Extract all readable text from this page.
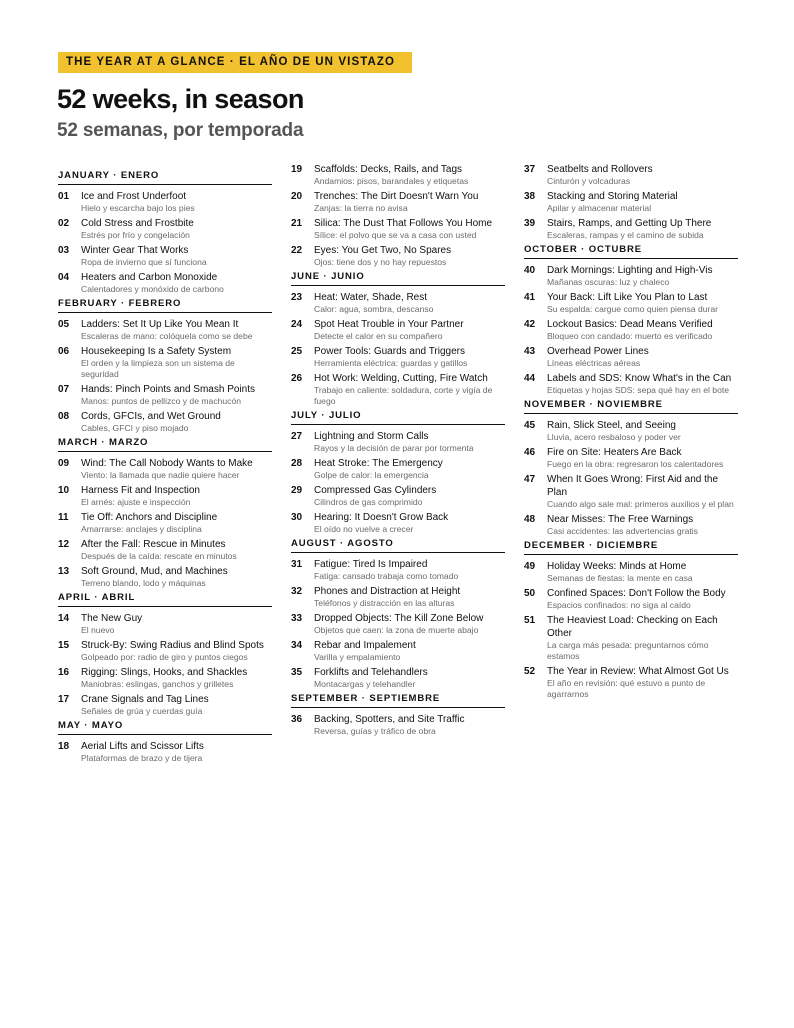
THE YEAR AT A GLANCE · EL AÑO DE UN VISTAZO
52 weeks, in season
52 semanas, por temporada
JANUARY · ENERO
01	Ice and Frost Underfoot
Hielo y escarcha bajo los pies
02	Cold Stress and Frostbite
Estrés por frío y congelación
03	Winter Gear That Works
Ropa de invierno que sí funciona
04	Heaters and Carbon Monoxide
Calentadores y monóxido de carbono
FEBRUARY · FEBRERO
05	Ladders: Set It Up Like You Mean It
Escaleras de mano: colóquela como se debe
06	Housekeeping Is a Safety System
El orden y la limpieza son un sistema de seguridad
07	Hands: Pinch Points and Smash Points
Manos: puntos de pellizco y de machucón
08	Cords, GFCIs, and Wet Ground
Cables, GFCI y piso mojado
MARCH · MARZO
09	Wind: The Call Nobody Wants to Make
Viento: la llamada que nadie quiere hacer
10	Harness Fit and Inspection
El arnés: ajuste e inspección
11	Tie Off: Anchors and Discipline
Amarrarse: anclajes y disciplina
12	After the Fall: Rescue in Minutes
Después de la caída: rescate en minutos
13	Soft Ground, Mud, and Machines
Terreno blando, lodo y máquinas
APRIL · ABRIL
14	The New Guy
El nuevo
15	Struck-By: Swing Radius and Blind Spots
Golpeado por: radio de giro y puntos ciegos
16	Rigging: Slings, Hooks, and Shackles
Maniobras: eslingas, ganchos y grilletes
17	Crane Signals and Tag Lines
Señales de grúa y cuerdas guía
MAY · MAYO
18	Aerial Lifts and Scissor Lifts
Plataformas de brazo y de tijera
19	Scaffolds: Decks, Rails, and Tags
Andamios: pisos, barandales y etiquetas
20	Trenches: The Dirt Doesn't Warn You
Zanjas: la tierra no avisa
21	Silica: The Dust That Follows You Home
Sílice: el polvo que se va a casa con usted
22	Eyes: You Get Two, No Spares
Ojos: tiene dos y no hay repuestos
JUNE · JUNIO
23	Heat: Water, Shade, Rest
Calor: agua, sombra, descanso
24	Spot Heat Trouble in Your Partner
Detecte el calor en su compañero
25	Power Tools: Guards and Triggers
Herramienta eléctrica: guardas y gatillos
26	Hot Work: Welding, Cutting, Fire Watch
Trabajo en caliente: soldadura, corte y vigía de fuego
JULY · JULIO
27	Lightning and Storm Calls
Rayos y la decisión de parar por tormenta
28	Heat Stroke: The Emergency
Golpe de calor: la emergencia
29	Compressed Gas Cylinders
Cilindros de gas comprimido
30	Hearing: It Doesn't Grow Back
El oído no vuelve a crecer
AUGUST · AGOSTO
31	Fatigue: Tired Is Impaired
Fatiga: cansado trabaja como tomado
32	Phones and Distraction at Height
Teléfonos y distracción en las alturas
33	Dropped Objects: The Kill Zone Below
Objetos que caen: la zona de muerte abajo
34	Rebar and Impalement
Varilla y empalamiento
35	Forklifts and Telehandlers
Montacargas y telehandler
SEPTEMBER · SEPTIEMBRE
36	Backing, Spotters, and Site Traffic
Reversa, guías y tráfico de obra
37	Seatbelts and Rollovers
Cinturón y volcaduras
38	Stacking and Storing Material
Apilar y almacenar material
39	Stairs, Ramps, and Getting Up There
Escaleras, rampas y el camino de subida
OCTOBER · OCTUBRE
40	Dark Mornings: Lighting and High-Vis
Mañanas oscuras: luz y chaleco
41	Your Back: Lift Like You Plan to Last
Su espalda: cargue como quien piensa durar
42	Lockout Basics: Dead Means Verified
Bloqueo con candado: muerto es verificado
43	Overhead Power Lines
Líneas eléctricas aéreas
44	Labels and SDS: Know What's in the Can
Etiquetas y hojas SDS: sepa qué hay en el bote
NOVEMBER · NOVIEMBRE
45	Rain, Slick Steel, and Seeing
Lluvia, acero resbaloso y poder ver
46	Fire on Site: Heaters Are Back
Fuego en la obra: regresaron los calentadores
47	When It Goes Wrong: First Aid and the Plan
Cuando algo sale mal: primeros auxilios y el plan
48	Near Misses: The Free Warnings
Casi accidentes: las advertencias gratis
DECEMBER · DICIEMBRE
49	Holiday Weeks: Minds at Home
Semanas de fiestas: la mente en casa
50	Confined Spaces: Don't Follow the Body
Espacios confinados: no siga al caído
51	The Heaviest Load: Checking on Each Other
La carga más pesada: preguntarnos cómo estamos
52	The Year in Review: What Almost Got Us
El año en revisión: qué estuvo a punto de agarrarnos
